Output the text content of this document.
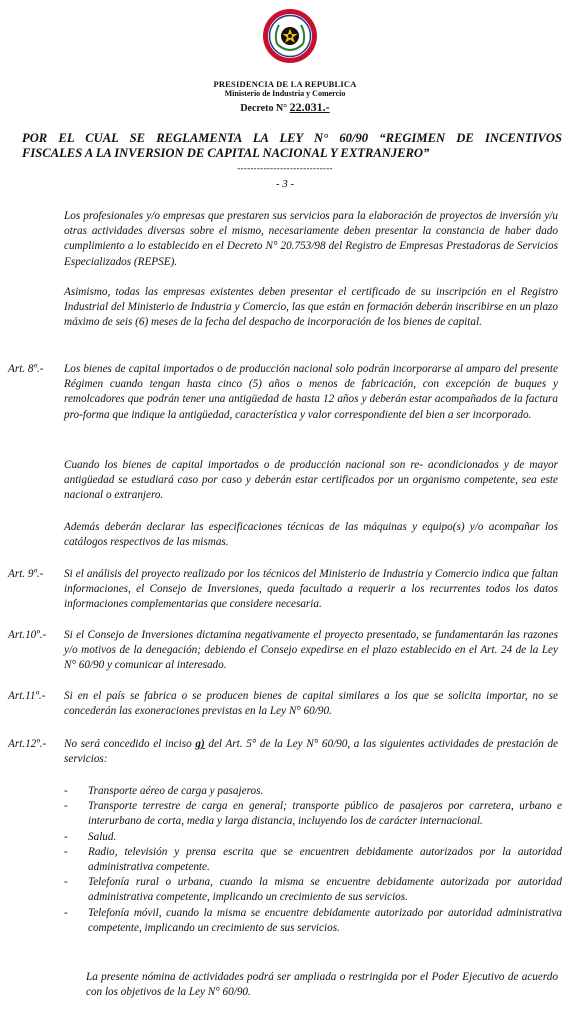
PRESIDENCIA DE LA REPUBLICA
Ministerio de Industria y Comercio
Decreto N° 22.031.-
POR EL CUAL SE REGLAMENTA LA LEY N° 60/90 “REGIMEN DE INCENTIVOS
FISCALES A LA INVERSION DE CAPITAL NACIONAL Y EXTRANJERO”
-----------------------------
- 3 -

Los profesionales y/o empresas que prestaren sus servicios para la elaboración de proyectos de inversión y/u otras actividades diversas sobre el mismo, necesariamente deben presentar la constancia de haber dado cumplimiento a lo establecido en el Decreto N° 20.753/98 del Registro de Empresas Prestadoras de Servicios Especializados (REPSE).

Asimismo, todas las empresas existentes deben presentar el certificado de su inscripción en el Registro Industrial del Ministerio de Industria y Comercio, las que están en formación deberán inscribirse en un plazo máximo de seis (6) meses de la fecha del despacho de incorporación de los bienes de capital.

Art. 8º.- Los bienes de capital importados o de producción nacional solo podrán incorporarse al amparo del presente Régimen cuando tengan hasta cinco (5) años o menos de fabricación, con excepción de buques y remolcadores que podrán tener una antigüedad de hasta 12 años y deberán estar acompañados de la factura pro-forma que indique la antigüedad, característica y valor correspondiente del bien a ser incorporado.

Cuando los bienes de capital importados o de producción nacional son re- acondicionados y de mayor antigüedad se estudiará caso por caso y deberán estar certificados por un organismo competente, sea este nacional o extranjero.

Además deberán declarar las especificaciones técnicas de las máquinas y equipo(s) y/o acompañar los catálogos respectivos de las mismas.

Art. 9º.- Si el análisis del proyecto realizado por los técnicos del Ministerio de Industria y Comercio indica que faltan informaciones, el Consejo de Inversiones, queda facultado a requerir a los recurrentes todos los datos informaciones complementarias que considere necesaria.

Art.10º.- Si el Consejo de Inversiones dictamina negativamente el proyecto presentado, se fundamentarán las razones y/o motivos de la denegación; debiendo el Consejo expedirse en el plazo establecido en el Art. 24 de la Ley N° 60/90 y comunicar al interesado.

Art.11º.- Si en el país se fabrica o se producen bienes de capital similares a los que se solicita importar, no se concederán las exoneraciones previstas en la Ley N° 60/90.

Art.12º.- No será concedido el inciso g) del Art. 5° de la Ley N° 60/90, a las siguientes actividades de prestación de servicios:

- Transporte aéreo de carga y pasajeros.
- Transporte terrestre de carga en general; transporte público de pasajeros por carretera, urbano e interurbano de corta, media y larga distancia, incluyendo los de carácter internacional.
- Salud.
- Radio, televisión y prensa escrita que se encuentren debidamente autorizados por la autoridad administrativa competente.
- Telefonía rural o urbana, cuando la misma se encuentre debidamente autorizada por autoridad administrativa competente, implicando un crecimiento de sus servicios.
- Telefonía móvil, cuando la misma se encuentre debidamente autorizado por autoridad administrativa competente, implicando un crecimiento de sus servicios.

La presente nómina de actividades podrá ser ampliada o restringida por el Poder Ejecutivo de acuerdo con los objetivos de la Ley N° 60/90.
